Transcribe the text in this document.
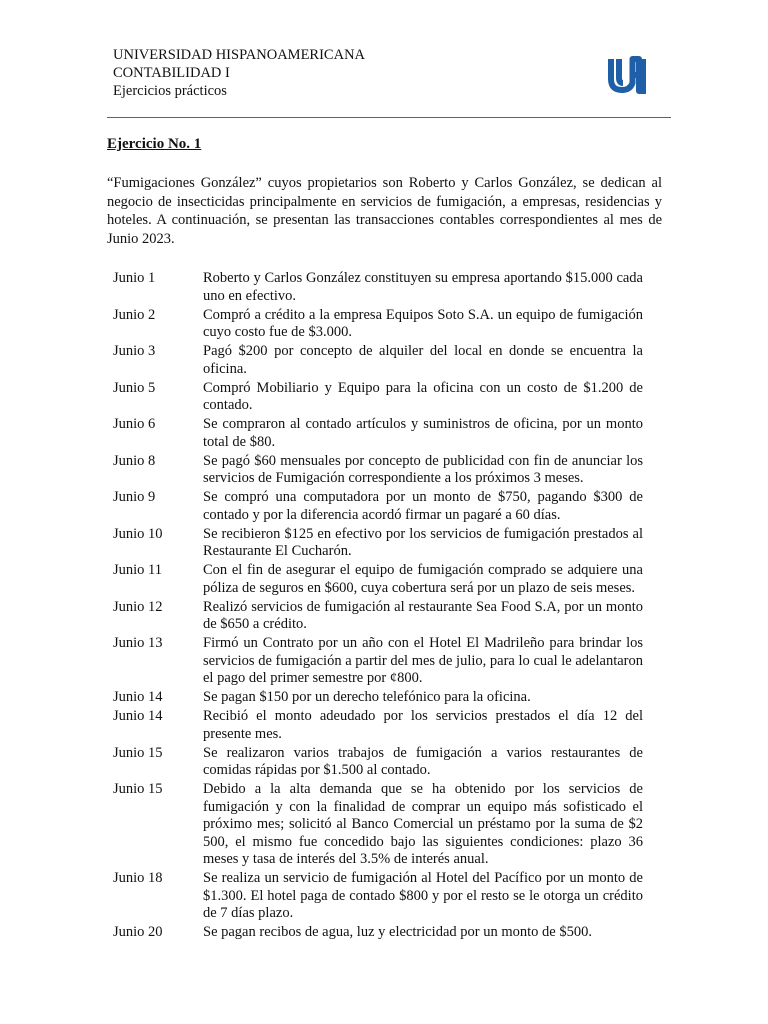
UNIVERSIDAD HISPANOAMERICANA
CONTABILIDAD I
Ejercicios prácticos
Ejercicio No. 1
“Fumigaciones González” cuyos propietarios son Roberto y Carlos González, se dedican al negocio de insecticidas principalmente en servicios de fumigación, a empresas, residencias y hoteles. A continuación, se presentan las transacciones contables correspondientes al mes de Junio 2023.
Junio 1	Roberto y Carlos González constituyen su empresa aportando $15.000 cada uno en efectivo.
Junio 2	Compró a crédito a la empresa Equipos Soto S.A. un equipo de fumigación cuyo costo fue de $3.000.
Junio 3	Pagó $200 por concepto de alquiler del local en donde se encuentra la oficina.
Junio 5	Compró Mobiliario y Equipo para la oficina con un costo de $1.200 de contado.
Junio 6	Se compraron al contado artículos y suministros de oficina, por un monto total de $80.
Junio 8	Se pagó $60 mensuales por concepto de publicidad con fin de anunciar los servicios de Fumigación correspondiente a los próximos 3 meses.
Junio 9	Se compró una computadora por un monto de $750, pagando $300 de contado y por la diferencia acordó firmar un pagaré a 60 días.
Junio 10	Se recibieron $125 en efectivo por los servicios de fumigación prestados al Restaurante El Cucharón.
Junio 11	Con el fin de asegurar el equipo de fumigación comprado se adquiere una póliza de seguros en $600, cuya cobertura será por un plazo de seis meses.
Junio 12	Realizó servicios de fumigación al restaurante Sea Food S.A, por un monto de $650 a crédito.
Junio 13	Firmó un Contrato por un año con el Hotel El Madrileño para brindar los servicios de fumigación a partir del mes de julio, para lo cual le adelantaron el pago del primer semestre por ¢800.
Junio 14	Se pagan $150 por un derecho telefónico para la oficina.
Junio 14	Recibió el monto adeudado por los servicios prestados el día 12 del presente mes.
Junio 15	Se realizaron varios trabajos de fumigación a varios restaurantes de comidas rápidas por $1.500 al contado.
Junio 15	Debido a la alta demanda que se ha obtenido por los servicios de fumigación y con la finalidad de comprar un equipo más sofisticado el próximo mes; solicitó al Banco Comercial un préstamo por la suma de $2 500, el mismo fue concedido bajo las siguientes condiciones: plazo 36 meses y tasa de interés del 3.5% de interés anual.
Junio 18	Se realiza un servicio de fumigación al Hotel del Pacífico por un monto de $1.300. El hotel paga de contado $800 y por el resto se le otorga un crédito de 7 días plazo.
Junio 20	Se pagan recibos de agua, luz y electricidad por un monto de $500.
